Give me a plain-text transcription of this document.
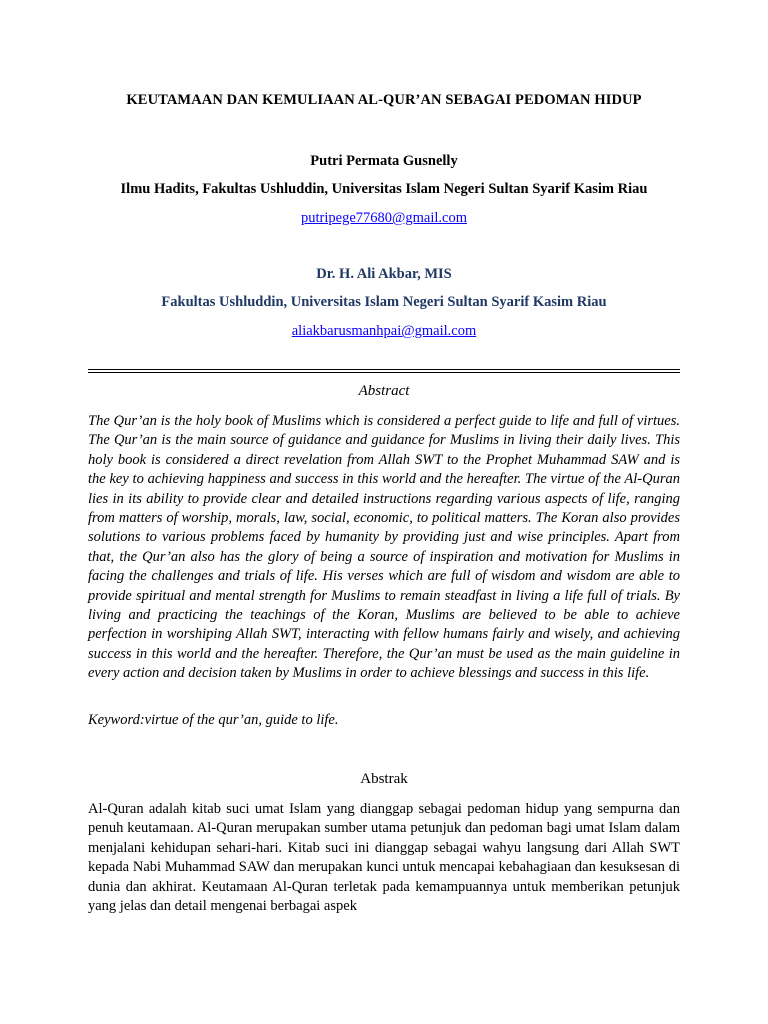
KEUTAMAAN DAN KEMULIAAN AL-QUR’AN SEBAGAI PEDOMAN HIDUP
Putri Permata Gusnelly
Ilmu Hadits, Fakultas Ushluddin, Universitas Islam Negeri Sultan Syarif Kasim Riau
putripege77680@gmail.com
Dr. H. Ali Akbar, MIS
Fakultas Ushluddin, Universitas Islam Negeri Sultan Syarif Kasim Riau
aliakbarusmanhpai@gmail.com
Abstract

The Qur’an is the holy book of Muslims which is considered a perfect guide to life and full of virtues. The Qur’an is the main source of guidance and guidance for Muslims in living their daily lives. This holy book is considered a direct revelation from Allah SWT to the Prophet Muhammad SAW and is the key to achieving happiness and success in this world and the hereafter. The virtue of the Al-Quran lies in its ability to provide clear and detailed instructions regarding various aspects of life, ranging from matters of worship, morals, law, social, economic, to political matters. The Koran also provides solutions to various problems faced by humanity by providing just and wise principles. Apart from that, the Qur’an also has the glory of being a source of inspiration and motivation for Muslims in facing the challenges and trials of life. His verses which are full of wisdom and wisdom are able to provide spiritual and mental strength for Muslims to remain steadfast in living a life full of trials. By living and practicing the teachings of the Koran, Muslims are believed to be able to achieve perfection in worshiping Allah SWT, interacting with fellow humans fairly and wisely, and achieving success in this world and the hereafter. Therefore, the Qur’an must be used as the main guideline in every action and decision taken by Muslims in order to achieve blessings and success in this life.

Keyword:virtue of the qur’an, guide to life.
Abstrak

Al-Quran adalah kitab suci umat Islam yang dianggap sebagai pedoman hidup yang sempurna dan penuh keutamaan. Al-Quran merupakan sumber utama petunjuk dan pedoman bagi umat Islam dalam menjalani kehidupan sehari-hari. Kitab suci ini dianggap sebagai wahyu langsung dari Allah SWT kepada Nabi Muhammad SAW dan merupakan kunci untuk mencapai kebahagiaan dan kesuksesan di dunia dan akhirat. Keutamaan Al-Quran terletak pada kemampuannya untuk memberikan petunjuk yang jelas dan detail mengenai berbagai aspek
